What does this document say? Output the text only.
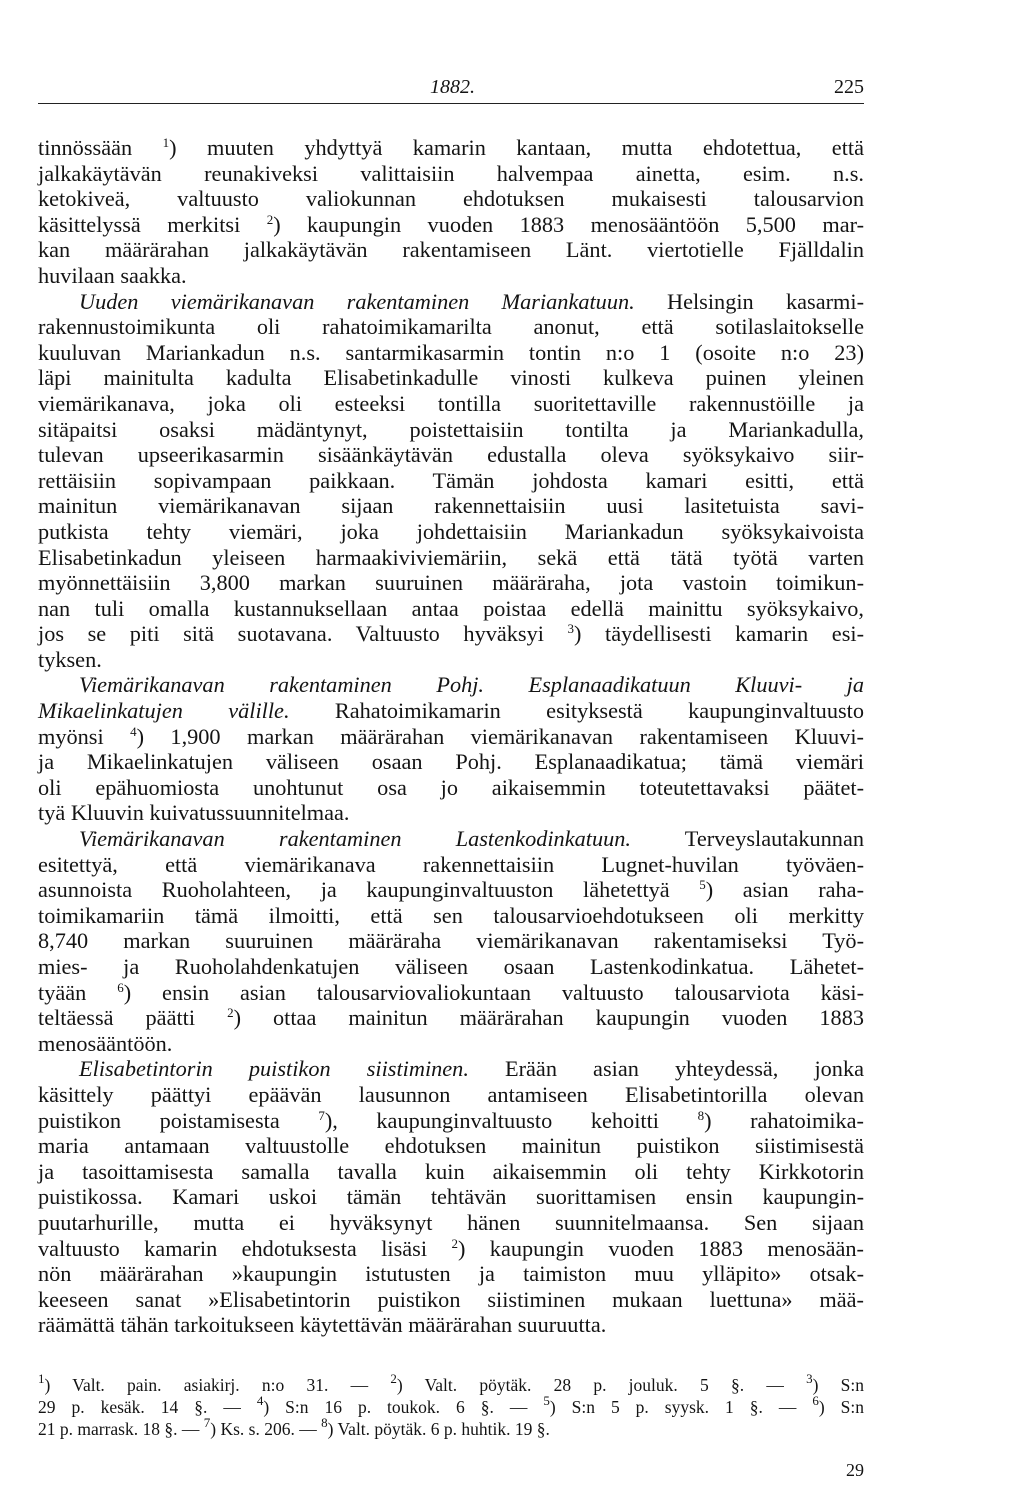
1882.	225
tinnössään $^1$) muuten yhdyttyä kamarin kantaan, mutta ehdotettua, että
jalkakäytävän reunakiveksi valittaisiin halvempaa ainetta, esim. n.s.
ketokiveä, valtuusto valiokunnan ehdotuksen mukaisesti talousarvion
käsittelyssä merkitsi $^2$) kaupungin vuoden 1883 menosääntöön 5,500 mar-
kan määrärahan jalkakäytävän rakentamiseen Länt. viertotielle Fjälldalin
huvilaan saakka.
Uuden viemärikanavan rakentaminen Mariankatuun. Helsingin kasarmi-
rakennustoimikunta oli rahatoimikamarilta anonut, että sotilaslaitokselle
kuuluvan Mariankadun n.s. santarmikasarmin tontin n:o 1 (osoite n:o 23)
läpi mainitulta kadulta Elisabetinkadulle vinosti kulkeva puinen yleinen
viemärikanava, joka oli esteeksi tontilla suoritettaville rakennustöille ja
sitäpaitsi osaksi mädäntynyt, poistettaisiin tontilta ja Mariankadulla,
tulevan upseerikasarmin sisäänkäytävän edustalla oleva syöksykaivo siir-
rettäisiin sopivampaan paikkaan. Tämän johdosta kamari esitti, että
mainitun viemärikanavan sijaan rakennettaisiin uusi lasitetuista savi-
putkista tehty viemäri, joka johdettaisiin Mariankadun syöksykaivoista
Elisabetinkadun yleiseen harmaakiviviemäriin, sekä että tätä työtä varten
myönnettäisiin 3,800 markan suuruinen määräraha, jota vastoin toimikun-
nan tuli omalla kustannuksellaan antaa poistaa edellä mainittu syöksykaivo,
jos se piti sitä suotavana. Valtuusto hyväksyi $^3$) täydellisesti kamarin esi-
tyksen.
Viemärikanavan rakentaminen Pohj. Esplanaadikatuun Kluuvi- ja
Mikaelinkatujen välille. Rahatoimikamarin esityksestä kaupunginvaltuusto
myönsi $^4$) 1,900 markan määrärahan viemärikanavan rakentamiseen Kluuvi-
ja Mikaelinkatujen väliseen osaan Pohj. Esplanaadikatua; tämä viemäri
oli epähuomiosta unohtunut osa jo aikaisemmin toteutettavaksi päätet-
tyä Kluuvin kuivatussuunnitelmaa.
Viemärikanavan rakentaminen Lastenkodinkatuun. Terveyslautakunnan
esitettyä, että viemärikanava rakennettaisiin Lugnet-huvilan työväen-
asunnoista Ruoholahteen, ja kaupunginvaltuuston lähetettyä $^5$) asian raha-
toimikamariin tämä ilmoitti, että sen talousarvioehdotukseen oli merkitty
8,740 markan suuruinen määräraha viemärikanavan rakentamiseksi Työ-
mies- ja Ruoholahdenkatujen väliseen osaan Lastenkodinkatua. Lähetet-
tyään $^6$) ensin asian talousarviovaliokuntaan valtuusto talousarviota käsi-
teltäessä päätti $^2$) ottaa mainitun määrärahan kaupungin vuoden 1883
menosääntöön.
Elisabetintorin puistikon siistiminen. Erään asian yhteydessä, jonka
käsittely päättyi epäävän lausunnon antamiseen Elisabetintorilla olevan
puistikon poistamisesta $^7$), kaupunginvaltuusto kehoitti $^8$) rahatoimika-
maria antamaan valtuustolle ehdotuksen mainitun puistikon siistimisestä
ja tasoittamisesta samalla tavalla kuin aikaisemmin oli tehty Kirkkotorin
puistikossa. Kamari uskoi tämän tehtävän suorittamisen ensin kaupungin-
puutarhurille, mutta ei hyväksynyt hänen suunnitelmaansa. Sen sijaan
valtuusto kamarin ehdotuksesta lisäsi $^2$) kaupungin vuoden 1883 menosään-
nön määrärahan »kaupungin istutusten ja taimiston muu ylläpito» otsak-
keeseen sanat »Elisabetintorin puistikon siistiminen mukaan luettuna» mää-
räämättä tähän tarkoitukseen käytettävän määrärahan suuruutta.
$^1$) Valt. pain. asiakirj. n:o 31. — $^2$) Valt. pöytäk. 28 p. jouluk. 5 §. — $^3$) S:n
29 p. kesäk. 14 §. — $^4$) S:n 16 p. toukok. 6 §. — $^5$) S:n 5 p. syysk. 1 §. — $^6$) S:n
21 p. marrask. 18 §. — $^7$) Ks. s. 206. — $^8$) Valt. pöytäk. 6 p. huhtik. 19 §.
29
